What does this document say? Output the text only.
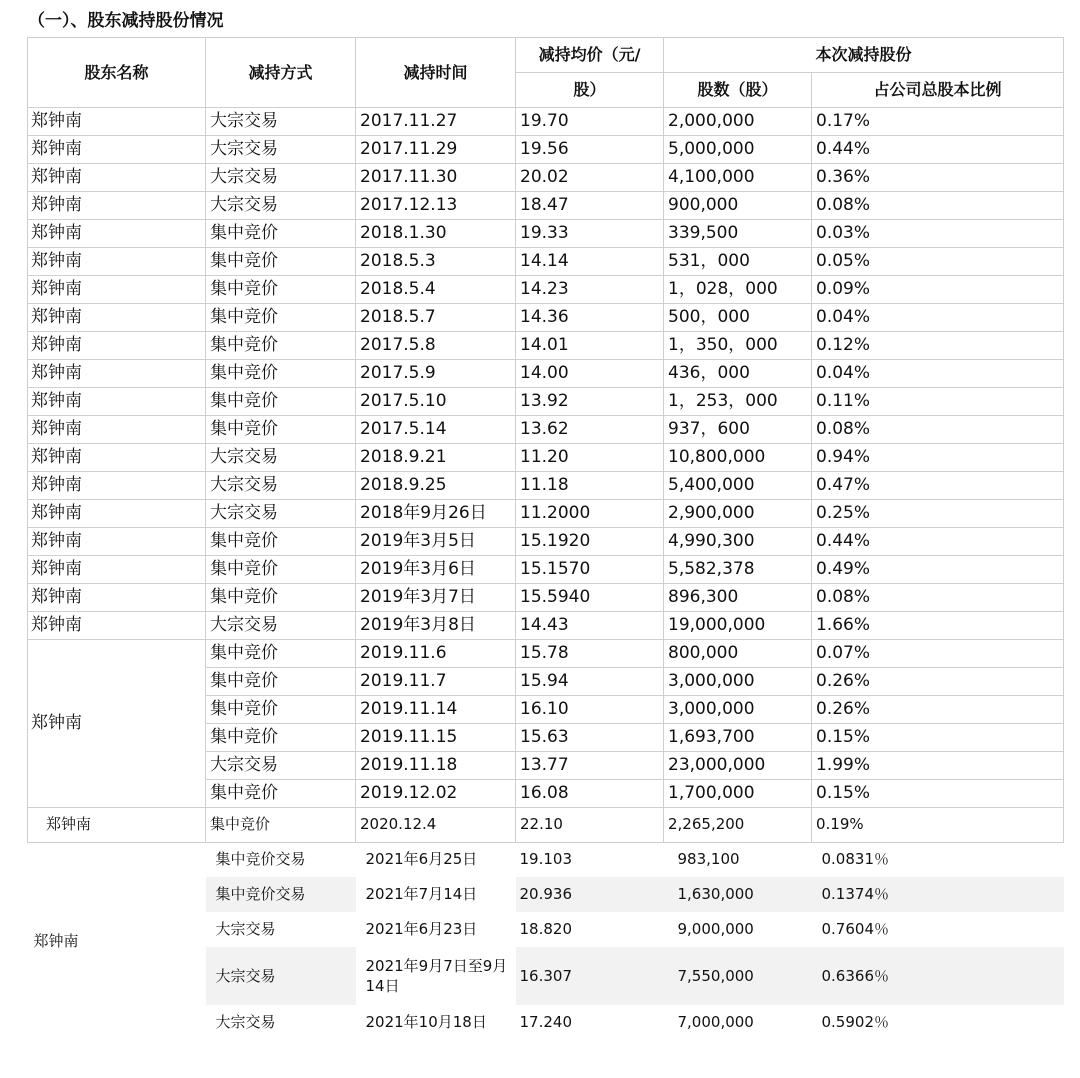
（一）、股东减持股份情况
股东名称	减持方式	减持时间	减持均价（元/	本次减持股份	
			股）	股数（股）	占公司总股本比例
郑钟南	大宗交易	2017.11.27	19.70	2,000,000	0.17%
郑钟南	大宗交易	2017.11.29	19.56	5,000,000	0.44%
郑钟南	大宗交易	2017.11.30	20.02	4,100,000	0.36%
郑钟南	大宗交易	2017.12.13	18.47	900,000	0.08%
郑钟南	集中竞价	2018.1.30	19.33	339,500	0.03%
郑钟南	集中竞价	2018.5.3	14.14	531，000	0.05%
郑钟南	集中竞价	2018.5.4	14.23	1，028，000	0.09%
郑钟南	集中竞价	2018.5.7	14.36	500，000	0.04%
郑钟南	集中竞价	2017.5.8	14.01	1，350，000	0.12%
郑钟南	集中竞价	2017.5.9	14.00	436，000	0.04%
郑钟南	集中竞价	2017.5.10	13.92	1，253，000	0.11%
郑钟南	集中竞价	2017.5.14	13.62	937，600	0.08%
郑钟南	大宗交易	2018.9.21	11.20	10,800,000	0.94%
郑钟南	大宗交易	2018.9.25	11.18	5,400,000	0.47%
郑钟南	大宗交易	2018年9月26日	11.2000	2,900,000	0.25%
郑钟南	集中竞价	2019年3月5日	15.1920	4,990,300	0.44%
郑钟南	集中竞价	2019年3月6日	15.1570	5,582,378	0.49%
郑钟南	集中竞价	2019年3月7日	15.5940	896,300	0.08%
郑钟南	大宗交易	2019年3月8日	14.43	19,000,000	1.66%
郑钟南	集中竞价	2019.11.6	15.78	800,000	0.07%
	集中竞价	2019.11.7	15.94	3,000,000	0.26%
	集中竞价	2019.11.14	16.10	3,000,000	0.26%
	集中竞价	2019.11.15	15.63	1,693,700	0.15%
	大宗交易	2019.11.18	13.77	23,000,000	1.99%
	集中竞价	2019.12.02	16.08	1,700,000	0.15%
郑钟南	集中竞价	2020.12.4	22.10	2,265,200	0.19%
郑钟南	集中竞价交易	2021年6月25日	19.103	983,100	0.0831％
	集中竞价交易	2021年7月14日	20.936	1,630,000	0.1374％
	大宗交易	2021年6月23日	18.820	9,000,000	0.7604％
	大宗交易	2021年9月7日至9月14日	16.307	7,550,000	0.6366％
	大宗交易	2021年10月18日	17.240	7,000,000	0.5902％
